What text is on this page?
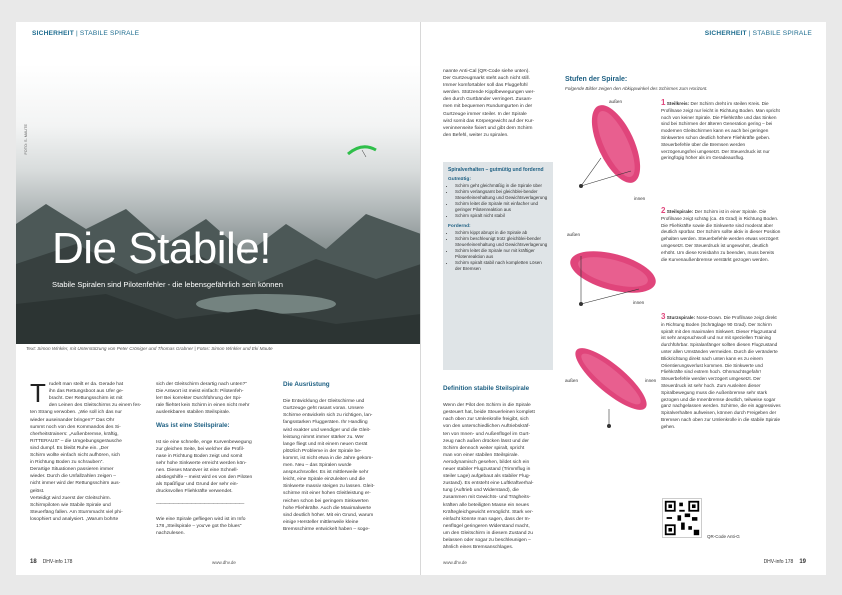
SICHERHEIT | STABILE SPIRALE
FOTO: S. MAUTE
Die Stabile!
Stabile Spiralen sind Pilotenfehler - die lebensgefährlich sein können
Text: Simon Winkler, mit Unterstützung von Peter Cröniger und Thomas Grabner | Fotos: Simon Winkler und Eki Maute

Trudelt man steilt er da. Gerade hat
ihn das Rettungsboot aus Ufer ge-
bracht. Der Rettungsschirm ist mit
den Leinen des Gleitschirms zu einem fes-
ten Strang verwoben. „Wie soll ich das nur
wieder auseinander bringen?“ Das Ohr
summt noch von den Kommandos des Si-
cherheitstrainers: „Außenbremse, kräftig,
RITTERAUS“ – die Umgebungsgeräusche
sind dumpf. Es bleibt Ruhe ein. „Der
Schirm wollte einfach nicht aufhören, sich
in Richtung Boden zu schrauben“.
Derartige Situationen passieren immer
wieder. Durch die Unfallzahlen zeigen –
nicht immer wird der Rettungsschirm aus-
gelöst.
Verteidigt wird zuerst der Gleitschirm.
Schirmpiloten wie Stabile Spirale und
Steuerfäng fallen. Am Sturmmacht viel phi-
losophiert und analysiert. „Warum bohrte

sich der Gleitschirm derartig nach unten?“
Die Antwort ist meist einfach: Pilotenfeh-
ler! Bei korrekter Durchführung der Spi-
rale fliehtet kein Schirm in einen nicht mehr
auslenkbaren stabilen Steilspirale.

Was ist eine Steilspirale:

Ist sie eine schnelle, enge Kurvenbewegung
zur gleichen Seite, bei welcher die Profil-
nase in Richtung Boden zeigt und somit
sehr hohe Sinkwerte erreicht werden kön-
nen. Dieses Manöver ist eine Schnell-
abstiegshilfe – meist wird es von den Piloten
als Spaßfigur und Grund der sehr ein-
drucksvollen Fliehkräfte verwendet.

————————————————————

Wie eine Spirale gefliegen wird ist im Info
178 „Steilspirale – you've got the blues“
nachzulesen.

Die Ausrüstung

Die Entwicklung der Gleitschirme und
Gurtzeuge geht rasant voran. Unsere
Schirme entwickeln sich zu richtigen, lan-
fangsstarken Fluggeräten. Ihr Handling
wird exakter und wendiger und die Gleit-
leistung nimmt immer stärker zu. Wer
lange fliegt und mit einem neuen Gerät
plötzlich Probleme in der Spirale be-
kommt, ist nicht etwa in die Jahre gekom-
men. Neu – das Spiralen wurde
anspruchsvoller. Es ist mittlerweile sehr
leicht, eine Spirale einzuleiten und die
Sinkwerte massiv steigen zu lassen. Gleit-
schirme mit einer hohen Gleitleistung er-
reichen schon bei geringem Sinkwerten
hohe Fliehkräfte. Auch die Maximalwerte
sind deutlich höher. Mit ein Grund, warum
einige Hersteller mittlerweile kleine
Bremsschirme entwickelt haben – soge-

18 DHV-info 178	www.dhv.de
SICHERHEIT | STABILE SPIRALE
nannte Anti-Cal (QR-Code siehe unten).
Der Gurtzeugmarkt steht auch nicht still.
Immer komfortabler soll das Fluggefühl
werden. Stützende Kipplbewegungen wer-
den durch Gurtbänder verringert. Zusam-
men mit bequemen Rundumgurten in der
Gurtzeuge immer steiler. In der Spirale
wird somit das Körpergewicht auf der Kur-
veninnenseite fixiert und gibt dem Schirm
den Befehl, weiter zu spiralen.
Spiralverhalten – gutmütig und fordernd
Gutmütig:
• Schirm geht gleichmäßig in die Spirale über
• Schirm verlangsamt bei gleichblei-bender Steuerleinenhaltung und Gewichtsverlagerung
• Schirm leitet die Spirale mit einfacher und geringer Pilotenreaktion aus
• Schirm spiralt nicht stabil
Fordernd:
• Schirm kippt abrupt in die Spirale ab
• Schirm beschleunigt trotz gleichblei-bender Steuerleinenhaltung und Gewichtsverlagerung
• Schirm leitet die Spirale nur mit kräftiger Pilotenreaktion aus
• Schirm spiralt stabil nach kompletten Lösen der Bremsen

Definition stabile Steilspirale

Wenn der Pilot den Schirm in die Spirale
gesteuert hat, beide Steuerleinen komplett
nach oben zur Umlenkrolle freigibt, sich
von den unterschiedlichen Auftriebskräf-
ten von Innen- und Außenflügel im Gurt-
zeug nach außen drücken lässt und der
Schirm dennoch weiter spiralt, spricht
man von einer stabilen Steilspirale.
Aerodynamisch gesehen, bildet sich ein
neuer stabiler Flugzustand (Trimmflug in
steiler Lage) aufgebaut als stabiler Flug-
zustand). Es entsteht eine Luftkraftverhal-
tung (Auftrieb und Widerstand), die
zusammen mit Gewichts- und Trägheits-
kräften alle beteiligten Masse ein neues
Kräftegleichgewicht ermöglicht. Stark ver-
einfacht könnte man sagen, dass der In-
nenflügel geringeren Widerstand macht,
um den Gleitschirm in diesem Zustand zu
belassen oder sogar zu beschleunigen –
ähnlich eines Bremsanschlages.

Stufen der Spirale:
Folgende Bilder zeigen den Abkippwinkel des Schirmes zum Horizont.
außen
innen
außen
innen
außen	innen
1 Steilkreis: Der Schirm dreht im steilen Kreis. Die Profilnase zeigt nur leicht in Richtung Boden. Man spricht noch von keiner Spirale. Die Fliehkräfte und das Sinken sind bei Schirmen der älteren Generation gering – bei modernen Gleitschirmen kann es auch bei geringen Sinkwerten schon deutlich höhere Fliehkräfte geben. Steuerbefehle über die Bremsen werden verzögerungsfrei umgesetzt. Der Steuerdruck ist nur geringfügig höher als im Geradeausflug.
2 Steilspirale: Der Schirm ist in einer Spirale. Die Profilnase zeigt schräg (ca. 45 Grad) in Richtung Boden. Die Fliehkräfte sowie die Sinkwerte sind moderat aber deutlich spürbar. Der Schirm sollte aktiv in dieser Position gehalten werden. Steuerbefehle werden etwas verzögert umgesetzt. Der Steuerdruck ist ungewohnt, deutlich erhöht. Um diese Kreisbahn zu beenden, muss bereits die Kurvenaußenbremse verstärkt gezogen werden.
3 Sturzspirale: Nose-Down. Die Profilnase zeigt direkt in Richtung Boden (Schräglage 90 Grad). Der Schirm spiralt mit den maximalen Sinkwert. Dieser Flugzustand ist sehr anspruchsvoll und nur mit speziellen Training durchführbar. Spiralanfänger sollten diesen Flugzustand unter allen Umständen vermeiden. Durch die veränderte Blickrichtung direkt nach unten kann es zu einem Orientierungsverlust kommen. Die Sinkwerte und Fliehkräfte sind extrem hoch. Ohnmachtsgefahr! Steuerbefehle werden verzögert umgesetzt. Der Steuerdruck ist sehr hoch. Zum Ausleiten dieser Spiralbewegung muss die Außenbremse sehr stark gezogen und die Innenbremse deutlich, teilweise sogar ganz nachgelassen werden. Schirme, die ein aggressives Spiralverhalten aufweisen, können durch Freigeben der Bremsen nach oben zur Umlenkrolle in die stabile Spirale gehen.
QR-Code Anti-G
www.dhv.de	DHV-info 178 19
